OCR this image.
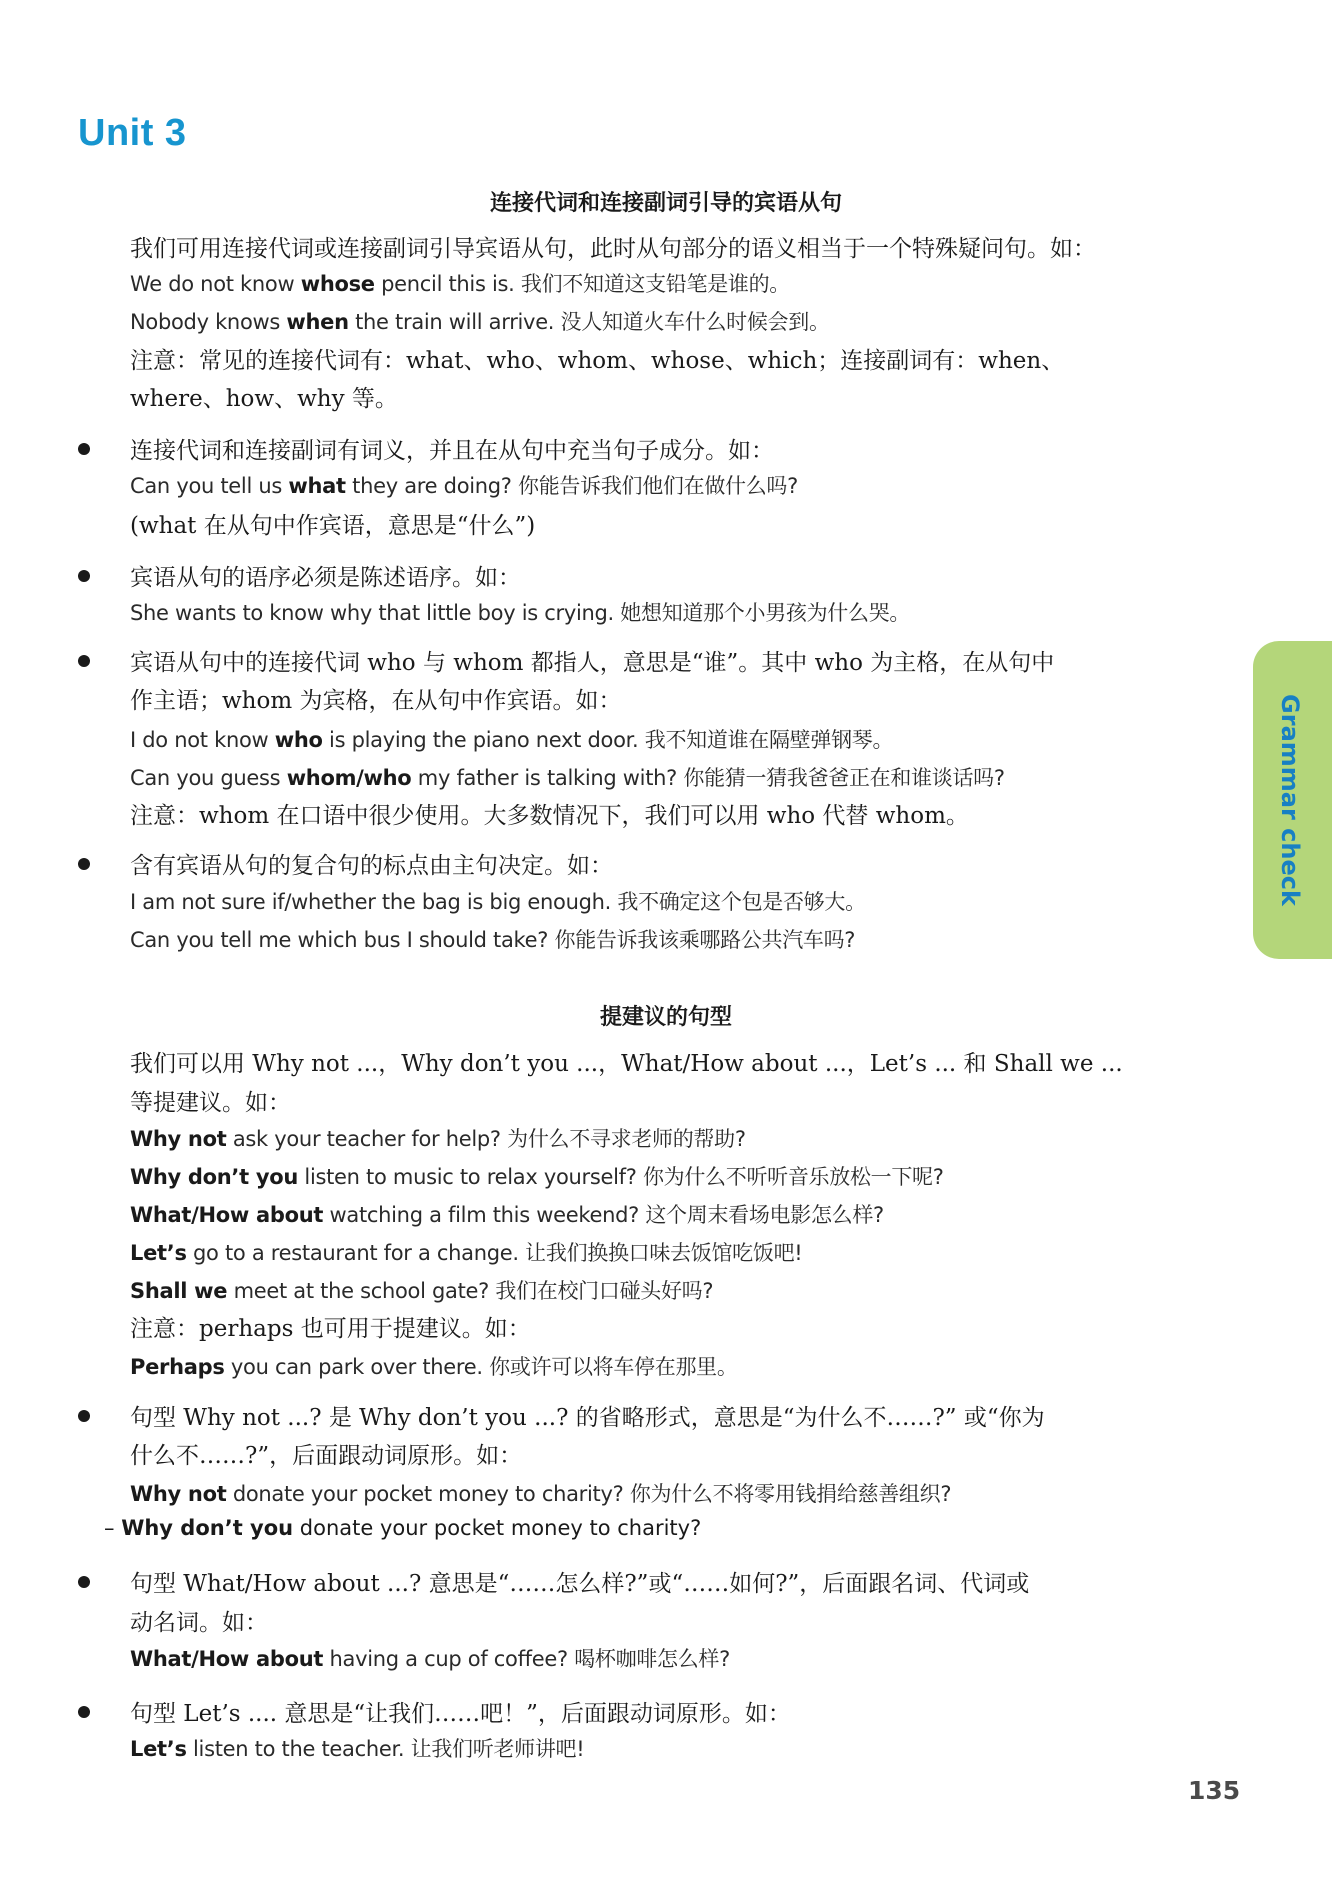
Unit 3
连接代词和连接副词引导的宾语从句
我们可用连接代词或连接副词引导宾语从句，此时从句部分的语义相当于一个特殊疑问句。如：
We do not know whose pencil this is. 我们不知道这支铅笔是谁的。
Nobody knows when the train will arrive. 没人知道火车什么时候会到。
注意：常见的连接代词有：what、who、whom、whose、which；连接副词有：when、
where、how、why 等。
连接代词和连接副词有词义，并且在从句中充当句子成分。如：
Can you tell us what they are doing? 你能告诉我们他们在做什么吗?
(what 在从句中作宾语，意思是“什么”)
宾语从句的语序必须是陈述语序。如：
She wants to know why that little boy is crying. 她想知道那个小男孩为什么哭。
宾语从句中的连接代词 who 与 whom 都指人，意思是“谁”。其中 who 为主格，在从句中
作主语；whom 为宾格，在从句中作宾语。如：
I do not know who is playing the piano next door. 我不知道谁在隔壁弹钢琴。
Can you guess whom/who my father is talking with? 你能猜一猜我爸爸正在和谁谈话吗?
注意：whom 在口语中很少使用。大多数情况下，我们可以用 who 代替 whom。
含有宾语从句的复合句的标点由主句决定。如：
I am not sure if/whether the bag is big enough. 我不确定这个包是否够大。
Can you tell me which bus I should take? 你能告诉我该乘哪路公共汽车吗?
提建议的句型
我们可以用 Why not ...，Why don’t you ...，What/How about ...，Let’s ... 和 Shall we ...
等提建议。如：
Why not ask your teacher for help? 为什么不寻求老师的帮助?
Why don’t you listen to music to relax yourself? 你为什么不听听音乐放松一下呢?
What/How about watching a film this weekend? 这个周末看场电影怎么样?
Let’s go to a restaurant for a change. 让我们换换口味去饭馆吃饭吧!
Shall we meet at the school gate? 我们在校门口碰头好吗?
注意：perhaps 也可用于提建议。如：
Perhaps you can park over there. 你或许可以将车停在那里。
句型 Why not ...? 是 Why don’t you ...? 的省略形式，意思是“为什么不……?” 或“你为
什么不……?”，后面跟动词原形。如：
Why not donate your pocket money to charity? 你为什么不将零用钱捐给慈善组织?
– Why don’t you donate your pocket money to charity?
句型 What/How about ...? 意思是“……怎么样?”或“……如何?”，后面跟名词、代词或
动名词。如：
What/How about having a cup of coffee? 喝杯咖啡怎么样?
句型 Let’s .... 意思是“让我们……吧！”，后面跟动词原形。如：
Let’s listen to the teacher. 让我们听老师讲吧!
Grammar check
135
